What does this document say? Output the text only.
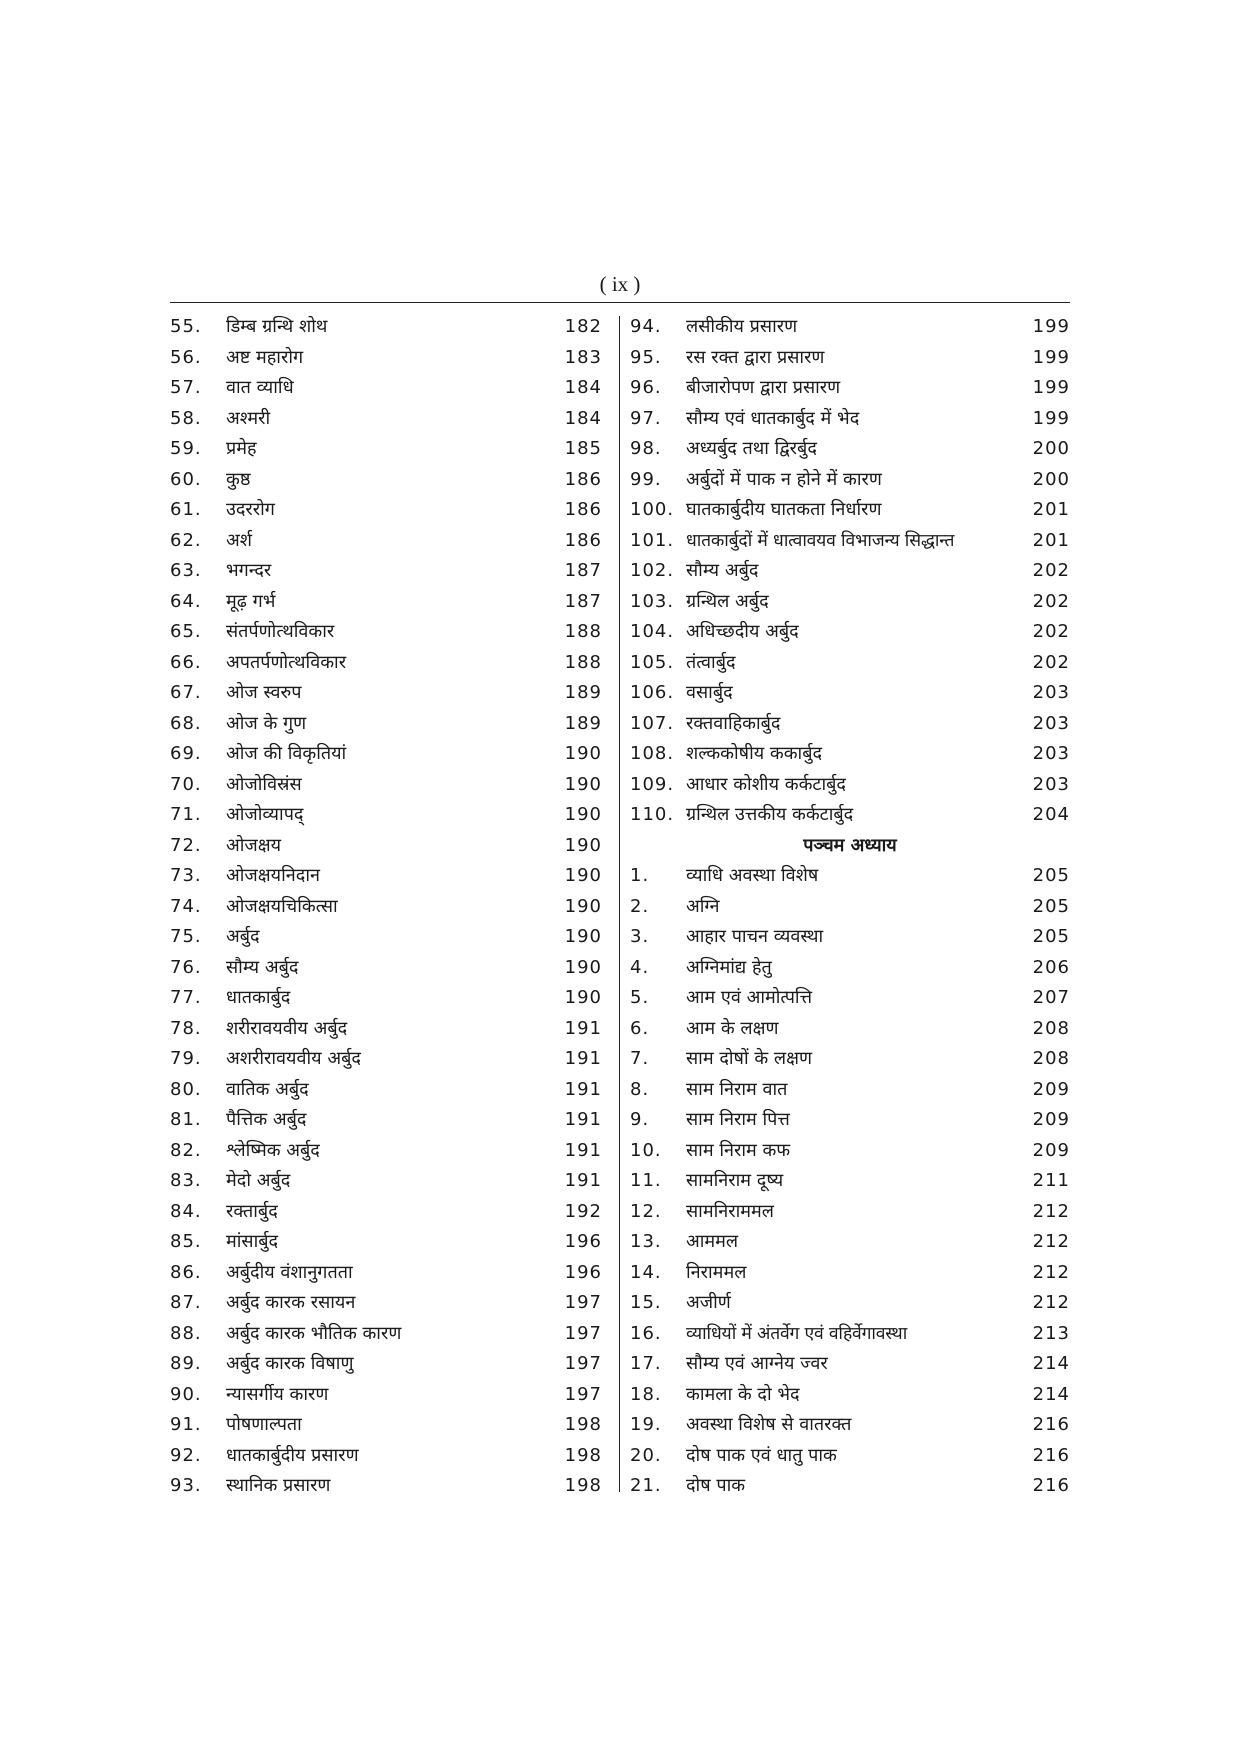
( ix )
55. डिम्ब ग्रन्थि शोथ	182
56. अष्ट महारोग	183
57. वात व्याधि	184
58. अश्मरी	184
59. प्रमेह	185
60. कुष्ठ	186
61. उदररोग	186
62. अर्श	186
63. भगन्दर	187
64. मूढ़ गर्भ	187
65. संतर्पणोत्थविकार	188
66. अपतर्पणोत्थविकार	188
67. ओज स्वरुप	189
68. ओज के गुण	189
69. ओज की विकृतियां	190
70. ओजोविस्रंस	190
71. ओजोव्यापद्	190
72. ओजक्षय	190
73. ओजक्षयनिदान	190
74. ओजक्षयचिकित्सा	190
75. अर्बुद	190
76. सौम्य अर्बुद	190
77. धातकार्बुद	190
78. शरीरावयवीय अर्बुद	191
79. अशरीरावयवीय अर्बुद	191
80. वातिक अर्बुद	191
81. पैत्तिक अर्बुद	191
82. श्लेष्मिक अर्बुद	191
83. मेदो अर्बुद	191
84. रक्तार्बुद	192
85. मांसार्बुद	196
86. अर्बुदीय वंशानुगतता	196
87. अर्बुद कारक रसायन	197
88. अर्बुद कारक भौतिक कारण	197
89. अर्बुद कारक विषाणु	197
90. न्यासर्गीय कारण	197
91. पोषणाल्पता	198
92. धातकार्बुदीय प्रसारण	198
93. स्थानिक प्रसारण	198
94. लसीकीय प्रसारण	199
95. रस रक्त द्वारा प्रसारण	199
96. बीजारोपण द्वारा प्रसारण	199
97. सौम्य एवं धातकार्बुद में भेद	199
98. अध्यर्बुद तथा द्विरर्बुद	200
99. अर्बुदों में पाक न होने में कारण	200
100. घातकार्बुदीय घातकता निर्धारण	201
101. धातकार्बुदों में धात्वावयव विभाजन्य सिद्धान्त	201
102. सौम्य अर्बुद	202
103. ग्रन्थिल अर्बुद	202
104. अधिच्छदीय अर्बुद	202
105. तंत्वार्बुद	202
106. वसार्बुद	203
107. रक्तवाहिकार्बुद	203
108. शल्ककोषीय ककार्बुद	203
109. आधार कोशीय कर्कटार्बुद	203
110. ग्रन्थिल उत्तकीय कर्कटार्बुद	204
पञ्चम अध्याय
1. व्याधि अवस्था विशेष	205
2. अग्नि	205
3. आहार पाचन व्यवस्था	205
4. अग्निमांद्य हेतु	206
5. आम एवं आमोत्पत्ति	207
6. आम के लक्षण	208
7. साम दोषों के लक्षण	208
8. साम निराम वात	209
9. साम निराम पित्त	209
10. साम निराम कफ	209
11. सामनिराम दूष्य	211
12. सामनिराममल	212
13. आममल	212
14. निराममल	212
15. अजीर्ण	212
16. व्याधियों में अंतर्वेग एवं वहिर्वेगावस्था	213
17. सौम्य एवं आग्नेय ज्वर	214
18. कामला के दो भेद	214
19. अवस्था विशेष से वातरक्त	216
20. दोष पाक एवं धातु पाक	216
21. दोष पाक	216
